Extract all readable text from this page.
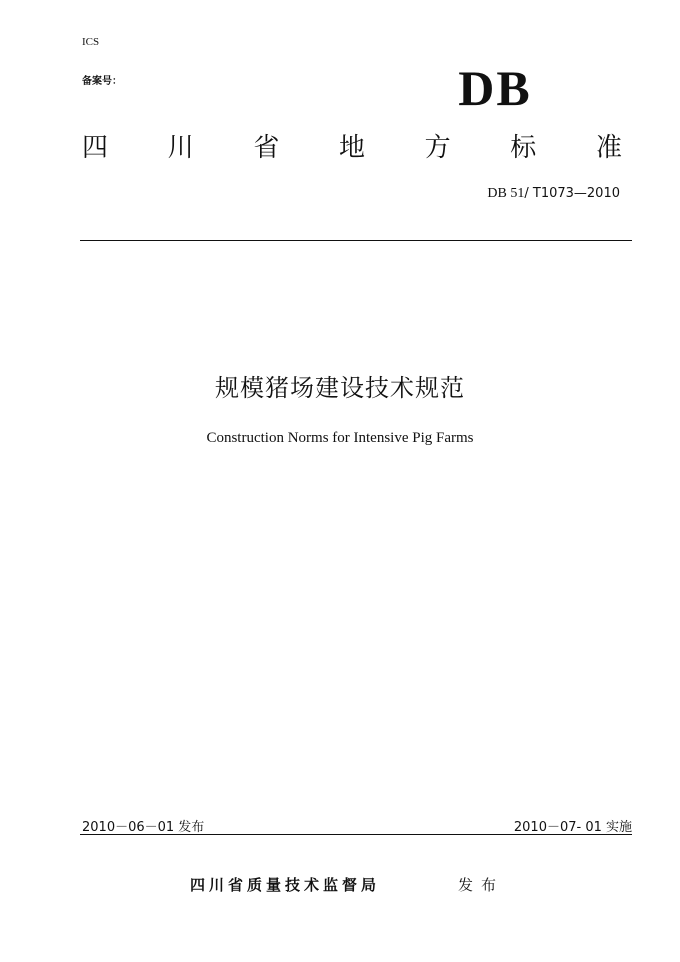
ICS
备案号：	DB
四 川 省 地 方 标 准
DB 51/ T1073—2010
规模猪场建设技术规范
Construction Norms for Intensive Pig Farms
2010－06－01 发布	2010－07- 01 实施
四川省质量技术监督局	发布
